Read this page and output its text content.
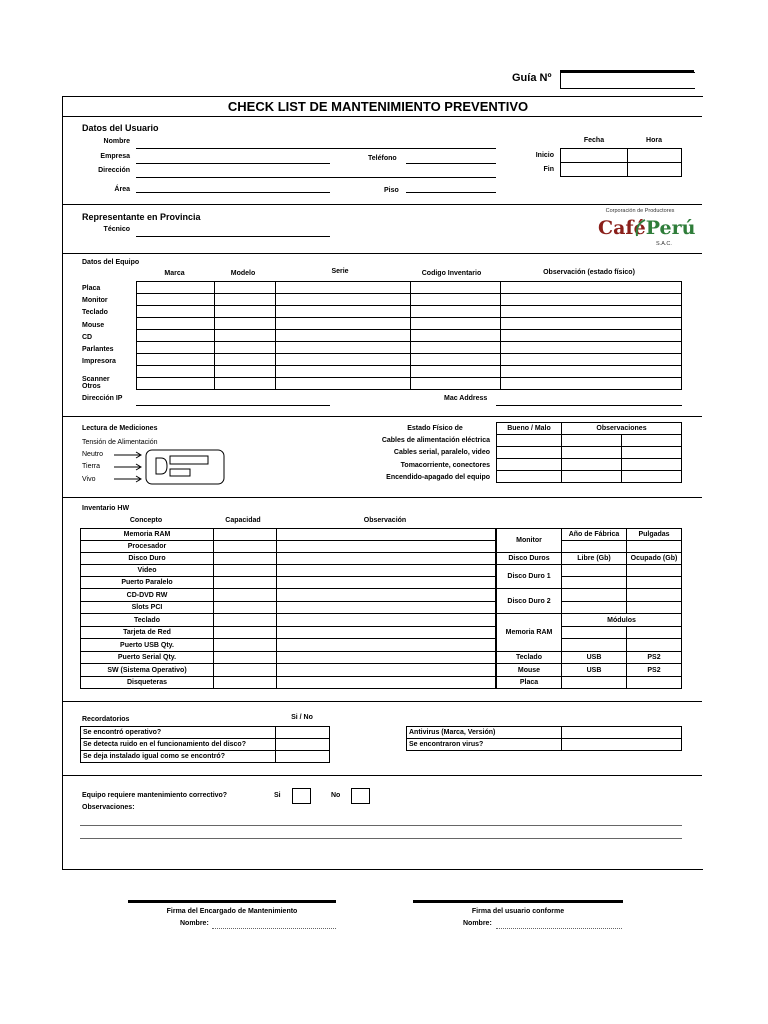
Guía Nº
CHECK LIST DE MANTENIMIENTO PREVENTIVO
Datos del Usuario
Nombre
Empresa	Teléfono
Dirección
Área	Piso
Fecha	Hora
Inicio
Fin

Representante en Provincia
Técnico
Corporación de Productores
CaféPerú
S.A.C.
Datos del Equipo
Marca	Modelo	Serie	Codigo Inventario	Observación (estado físico)
Placa
Monitor
Teclado
Mouse
CD
Parlantes
Impresora
Scanner
Otros

Dirección IP	Mac Address
Lectura de Mediciones
Tensión de Alimentación
Neutro
Tierra
Vivo
Estado Físico de
Cables de alimentación eléctrica
Cables serial, paralelo, video
Tomacorriente, conectores
Encendido-apagado del equipo
Bueno / Malo	Observaciones	

Inventario HW
Concepto	Capacidad	Observación
Memoria RAM		
Procesador		
Disco Duro		
Video		
Puerto Paralelo		
CD-DVD RW		
Slots PCI		
Teclado		
Tarjeta de Red		
Puerto USB Qty.		
Puerto Serial Qty.		
SW (Sistema Operativo)		
Disqueteras		
Monitor	Año de Fábrica	Pulgadas

Disco Duros	Libre (Gb)	Ocupado (Gb)
Disco Duro 1		

Disco Duro 2		

	Módulos	
Memoria RAM		

Teclado	USB	PS2
Mouse	USB	PS2
Placa		
Recordatorios	Si / No
Se encontró operativo?	
Se detecta ruido en el funcionamiento del disco?	
Se deja instalado igual como se encontró?	
Antivirus (Marca, Versión)	
Se encontraron virus?	
Equipo requiere mantenimiento correctivo?	Si	No
Observaciones:
Firma del Encargado de Mantenimiento
Nombre:
Firma del usuario conforme
Nombre:
